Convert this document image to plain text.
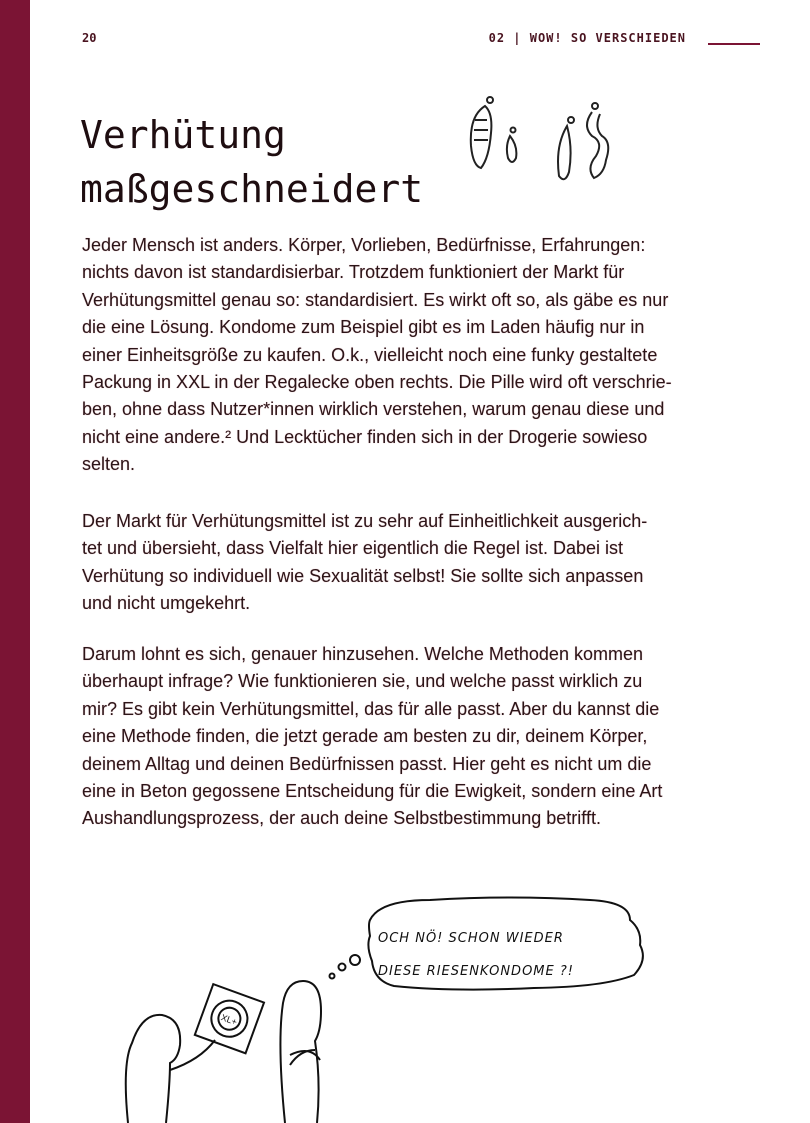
20	02 | WOW! SO VERSCHIEDEN
Verhütung
maßgeschneidert
Jeder Mensch ist anders. Körper, Vorlieben, Bedürfnisse, Erfahrungen:
nichts davon ist standardisierbar. Trotzdem funktioniert der Markt für
Verhütungsmittel genau so: standardisiert. Es wirkt oft so, als gäbe es nur
die eine Lösung. Kondome zum Beispiel gibt es im Laden häufig nur in
einer Einheitsgröße zu kaufen. O.k., vielleicht noch eine funky gestaltete
Packung in XXL in der Regalecke oben rechts. Die Pille wird oft verschrie-
ben, ohne dass Nutzer*innen wirklich verstehen, warum genau diese und
nicht eine andere.² Und Lecktücher finden sich in der Drogerie sowieso
selten.
Der Markt für Verhütungsmittel ist zu sehr auf Einheitlichkeit ausgerich-
tet und übersieht, dass Vielfalt hier eigentlich die Regel ist. Dabei ist
Verhütung so individuell wie Sexualität selbst! Sie sollte sich anpassen
und nicht umgekehrt.
Darum lohnt es sich, genauer hinzusehen. Welche Methoden kommen
überhaupt infrage? Wie funktionieren sie, und welche passt wirklich zu
mir? Es gibt kein Verhütungsmittel, das für alle passt. Aber du kannst die
eine Methode finden, die jetzt gerade am besten zu dir, deinem Körper,
deinem Alltag und deinen Bedürfnissen passt. Hier geht es nicht um die
eine in Beton gegossene Entscheidung für die Ewigkeit, sondern eine Art
Aushandlungsprozess, der auch deine Selbstbestimmung betrifft.
OCH NÖ! SCHON WIEDER
DIESE RIESENKONDOME ?!
XL+
